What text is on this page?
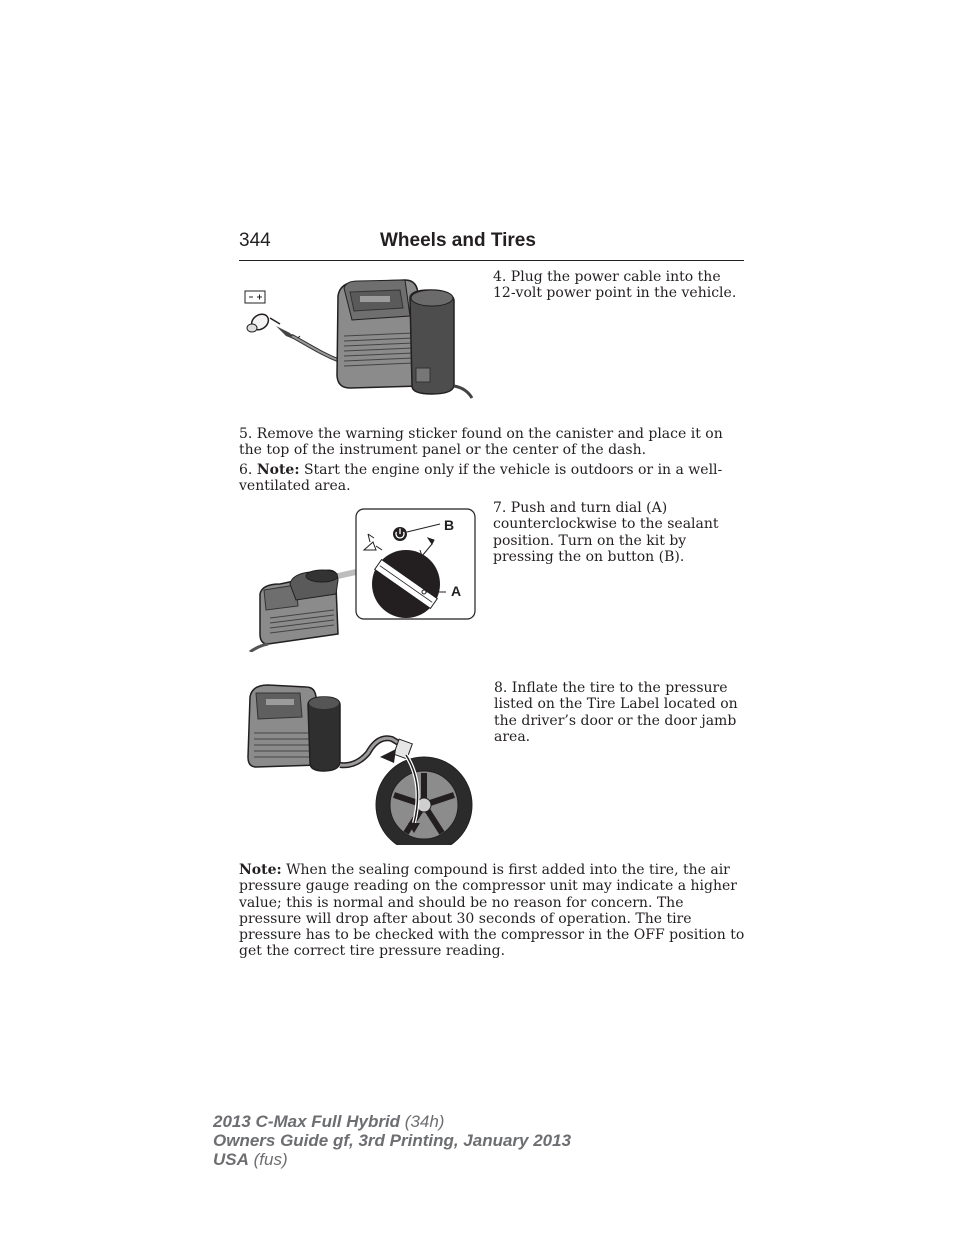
344	Wheels and Tires
4. Plug the power cable into the 12-volt power point in the vehicle.
5. Remove the warning sticker found on the canister and place it on the top of the instrument panel or the center of the dash.
6. Note: Start the engine only if the vehicle is outdoors or in a well-ventilated area.
B
A
7. Push and turn dial (A) counterclockwise to the sealant position. Turn on the kit by pressing the on button (B).
8. Inflate the tire to the pressure listed on the Tire Label located on the driver’s door or the door jamb area.
Note: When the sealing compound is first added into the tire, the air pressure gauge reading on the compressor unit may indicate a higher value; this is normal and should be no reason for concern. The pressure will drop after about 30 seconds of operation. The tire pressure has to be checked with the compressor in the OFF position to get the correct tire pressure reading.
2013 C-Max Full Hybrid (34h)
Owners Guide gf, 3rd Printing, January 2013
USA (fus)
